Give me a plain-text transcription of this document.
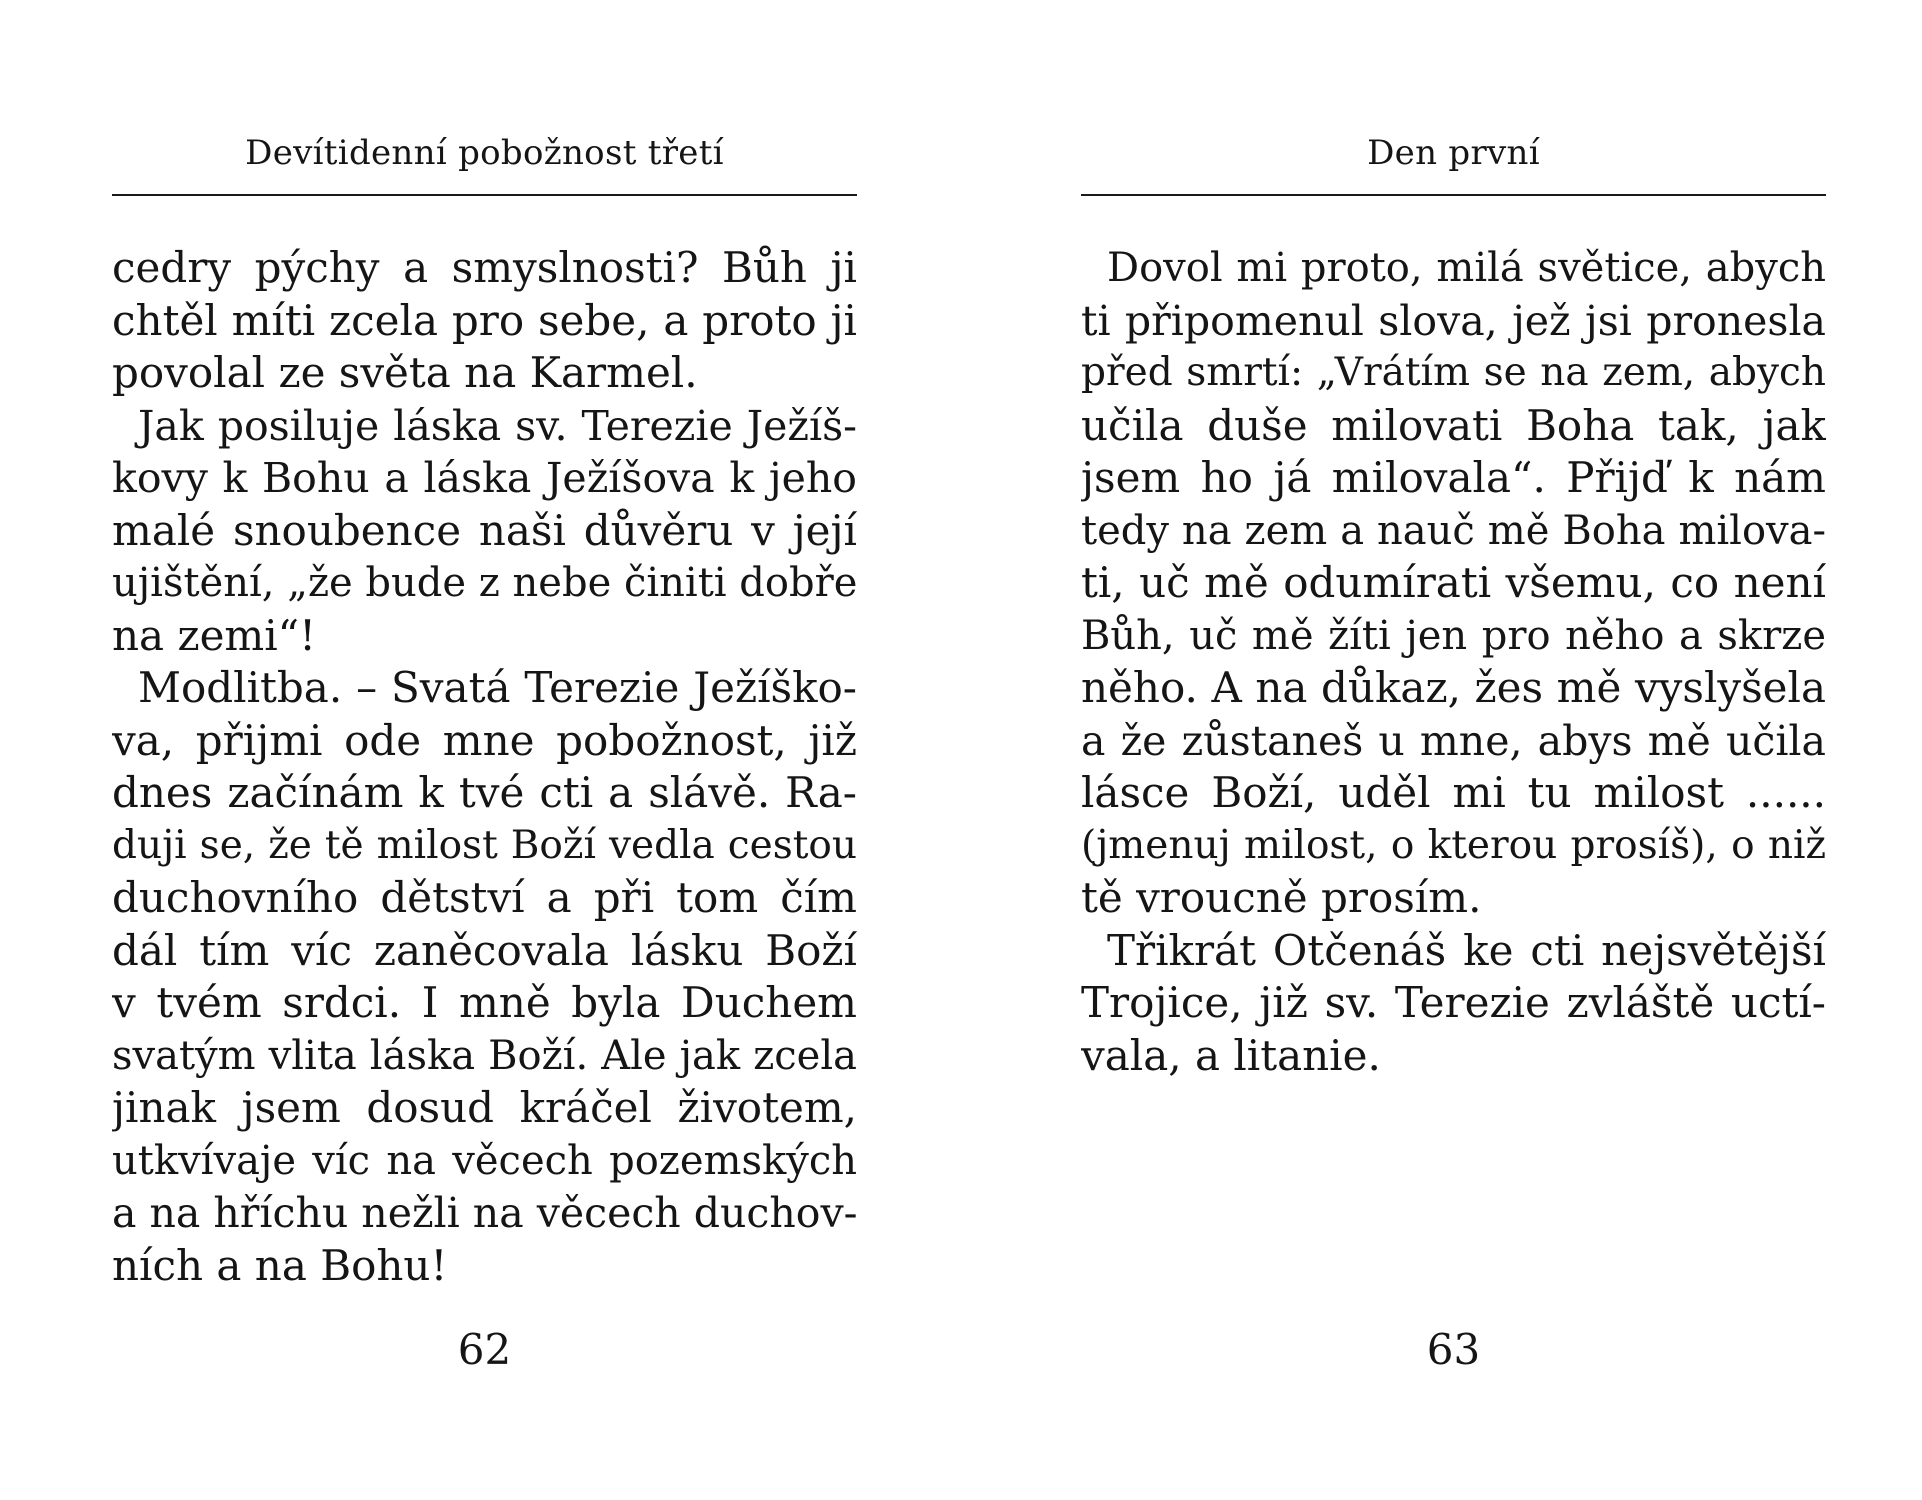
Devítidenní pobožnost třetí
cedry pýchy a smyslnosti? Bůh ji
chtěl míti zcela pro sebe, a proto ji
povolal ze světa na Karmel.
Jak posiluje láska sv. Terezie Ježíš-
kovy k Bohu a láska Ježíšova k jeho
malé snoubence naši důvěru v její
ujištění, „že bude z nebe činiti dobře
na zemi“!
Modlitba. – Svatá Terezie Ježíško-
va, přijmi ode mne pobožnost, již
dnes začínám k tvé cti a slávě. Ra-
duji se, že tě milost Boží vedla cestou
duchovního dětství a při tom čím
dál tím víc zaněcovala lásku Boží
v tvém srdci. I mně byla Duchem
svatým vlita láska Boží. Ale jak zcela
jinak jsem dosud kráčel životem,
utkvívaje víc na věcech pozemských
a na hříchu nežli na věcech duchov-
ních a na Bohu!
62
Den první
Dovol mi proto, milá světice, abych
ti připomenul slova, jež jsi pronesla
před smrtí: „Vrátím se na zem, abych
učila duše milovati Boha tak, jak
jsem ho já milovala“. Přijď k nám
tedy na zem a nauč mě Boha milova-
ti, uč mě odumírati všemu, co není
Bůh, uč mě žíti jen pro něho a skrze
něho. A na důkaz, žes mě vyslyšela
a že zůstaneš u mne, abys mě učila
lásce Boží, uděl mi tu milost ......
(jmenuj milost, o kterou prosíš), o niž
tě vroucně prosím.
Třikrát Otčenáš ke cti nejsvětější
Trojice, již sv. Terezie zvláště uctí-
vala, a litanie.
63
